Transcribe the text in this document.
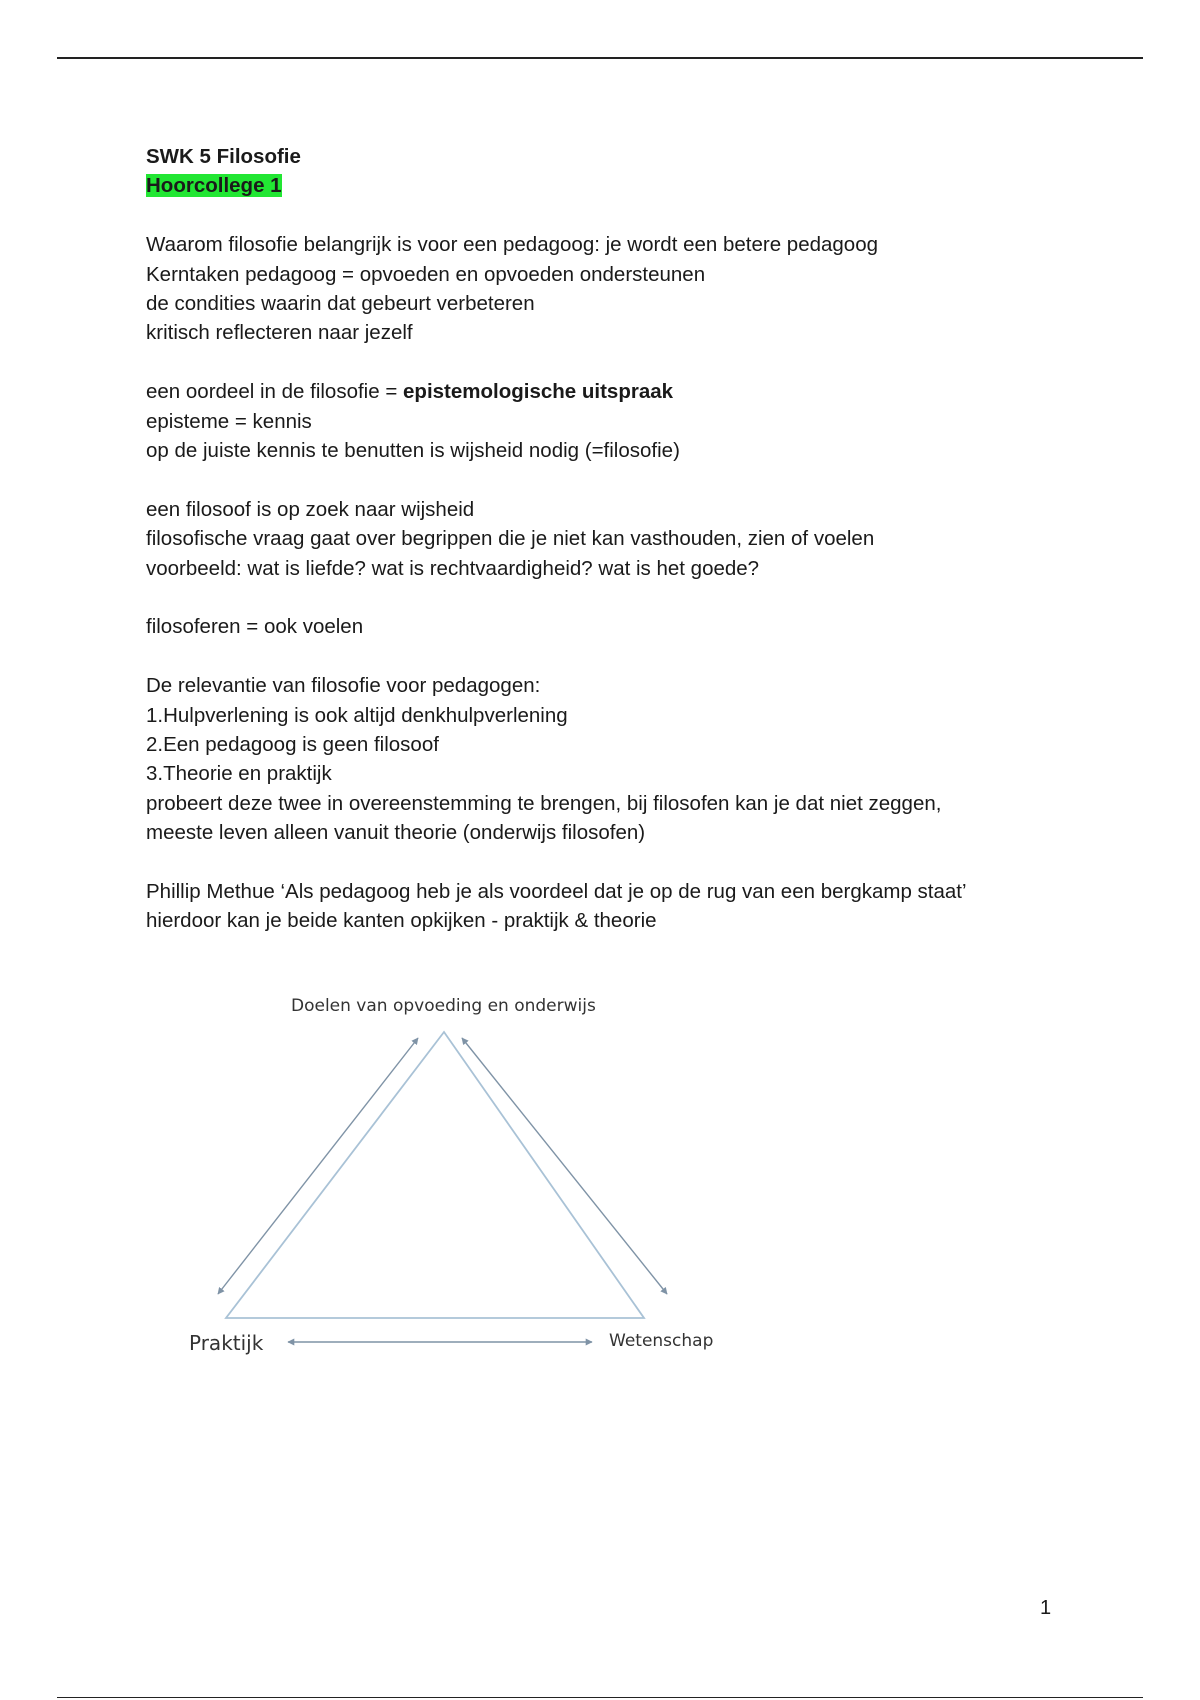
SWK 5 Filosofie

Hoorcollege 1

Waarom filosofie belangrijk is voor een pedagoog: je wordt een betere pedagoog

Kerntaken pedagoog = opvoeden en opvoeden ondersteunen

de condities waarin dat gebeurt verbeteren

kritisch reflecteren naar jezelf

een oordeel in de filosofie = epistemologische uitspraak

episteme = kennis

op de juiste kennis te benutten is wijsheid nodig (=filosofie)

een filosoof is op zoek naar wijsheid

filosofische vraag gaat over begrippen die je niet kan vasthouden, zien of voelen

voorbeeld: wat is liefde? wat is rechtvaardigheid? wat is het goede?

filosoferen = ook voelen

De relevantie van filosofie voor pedagogen:

1.Hulpverlening is ook altijd denkhulpverlening

2.Een pedagoog is geen filosoof

3.Theorie en praktijk

probeert deze twee in overeenstemming te brengen, bij filosofen kan je dat niet zeggen,

meeste leven alleen vanuit theorie (onderwijs filosofen)

Phillip Methue ‘Als pedagoog heb je als voordeel dat je op de rug van een bergkamp staat’

hierdoor kan je beide kanten opkijken - praktijk & theorie

Doelen van opvoeding en onderwijs
Praktijk	Wetenschap
1
